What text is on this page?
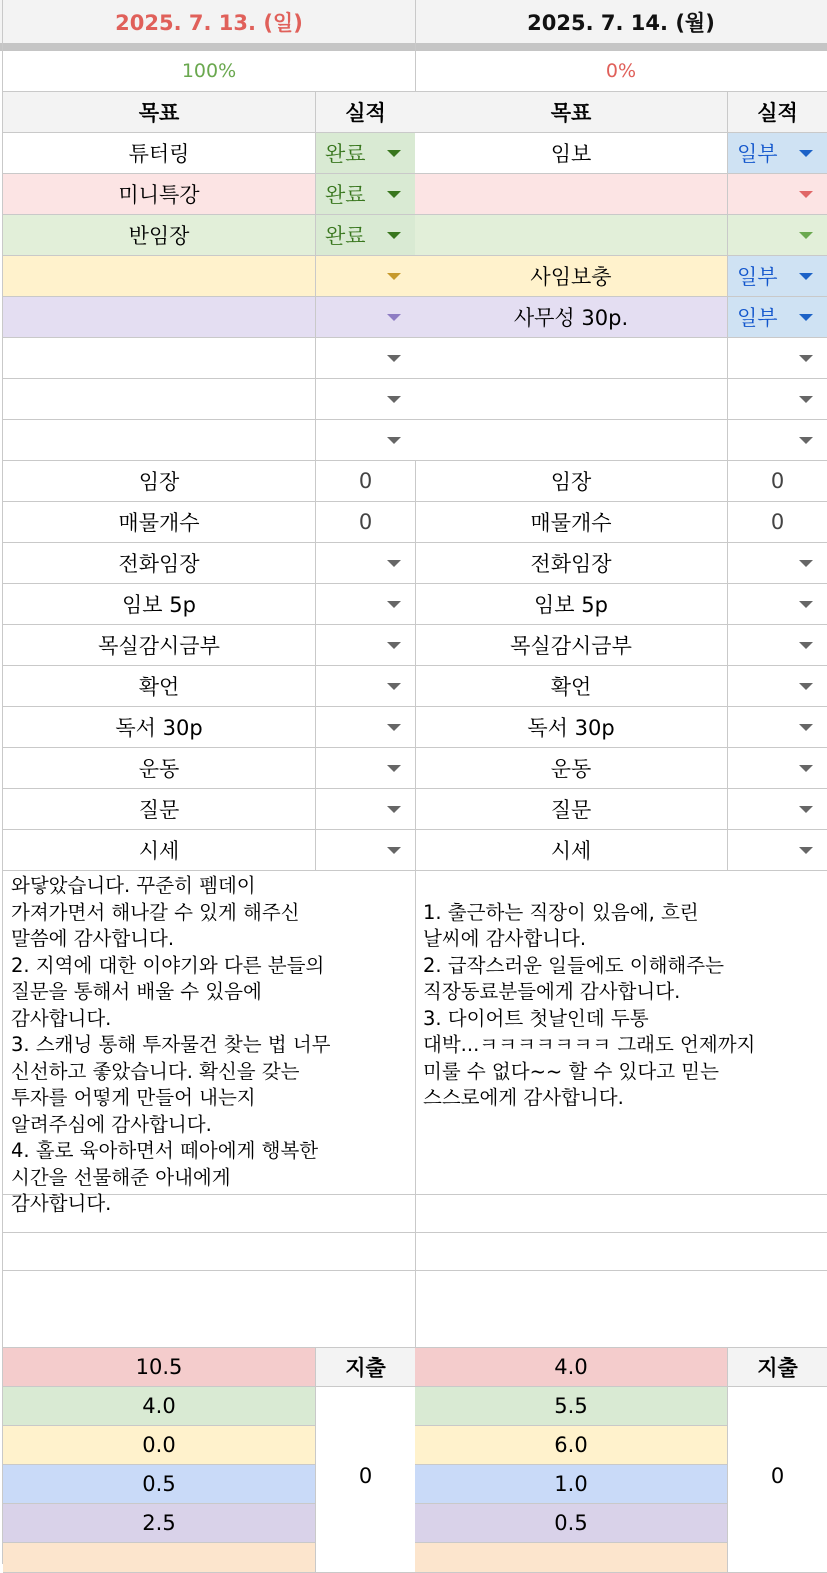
2025. 7. 13. (일)
100%
목표	실적
튜터링	완료
미니특강	완료
반임장	완료
임장	0
매물개수	0
전화임장
임보 5p
목실감시금부
확언
독서 30p
운동
질문
시세
와닿았습니다. 꾸준히 펨데이
가져가면서 해나갈 수 있게 해주신
말씀에 감사합니다.
2. 지역에 대한 이야기와 다른 분들의
질문을 통해서 배울 수 있음에
감사합니다.
3. 스캐닝 통해 투자물건 찾는 법 너무
신선하고 좋았습니다. 확신을 갖는
투자를 어떻게 만들어 내는지
알려주심에 감사합니다.
4. 홀로 육아하면서 떼아에게 행복한
시간을 선물해준 아내에게
감사합니다.
10.5	지출
4.0
0.0
0.5
2.5
0
2025. 7. 14. (월)
0%
목표	실적
임보	일부
사임보충	일부
사무성 30p.	일부
임장	0
매물개수	0
전화임장
임보 5p
목실감시금부
확언
독서 30p
운동
질문
시세

1. 출근하는 직장이 있음에, 흐린
날씨에 감사합니다.
2. 급작스러운 일들에도 이해해주는
직장동료분들에게 감사합니다.
3. 다이어트 첫날인데 두통
대박...ㅋㅋㅋㅋㅋㅋㅋ 그래도 언제까지
미룰 수 없다~~ 할 수 있다고 믿는
스스로에게 감사합니다.
4.0	지출
5.5
6.0
1.0
0.5
0
